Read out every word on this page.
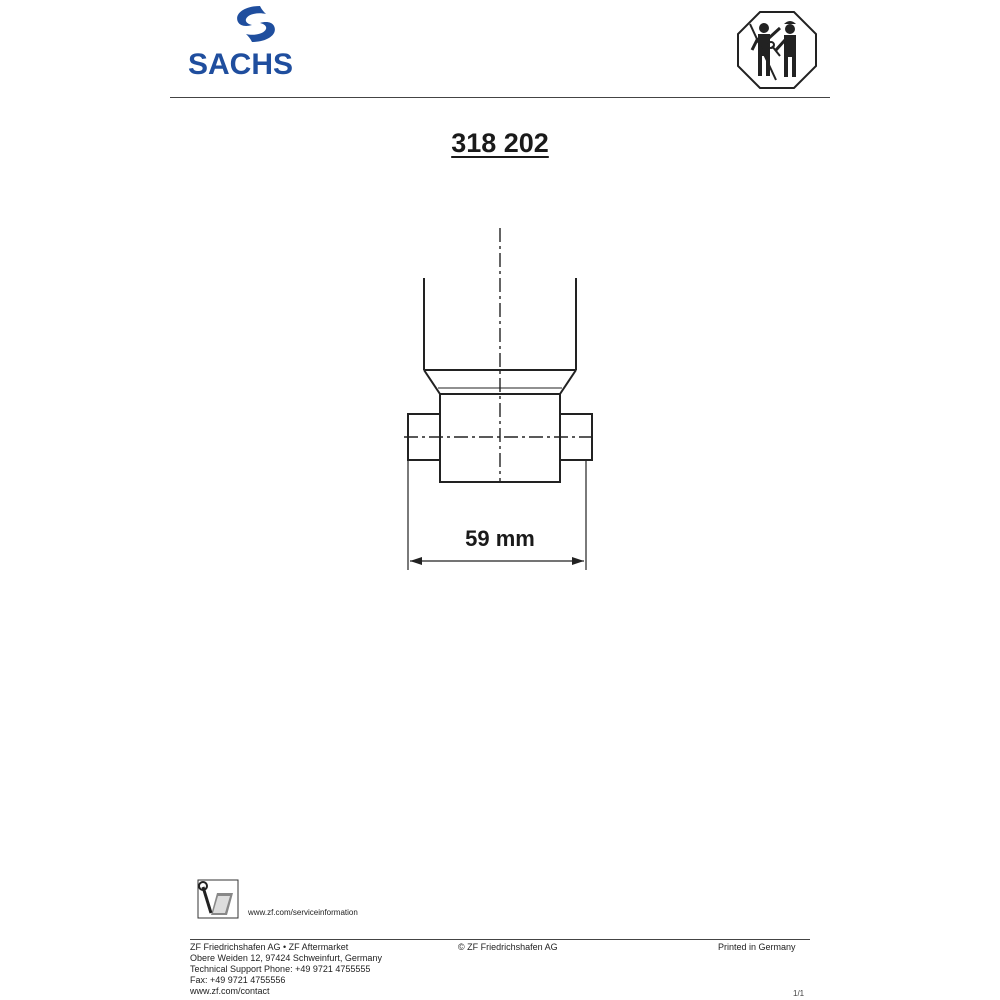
SACHS
318 202
59 mm
www.zf.com/serviceinformation
ZF Friedrichshafen AG • ZF Aftermarket
Obere Weiden 12, 97424 Schweinfurt, Germany
Technical Support Phone: +49 9721 4755555
Fax: +49 9721 4755556
www.zf.com/contact
© ZF Friedrichshafen AG	Printed in Germany
1/1
